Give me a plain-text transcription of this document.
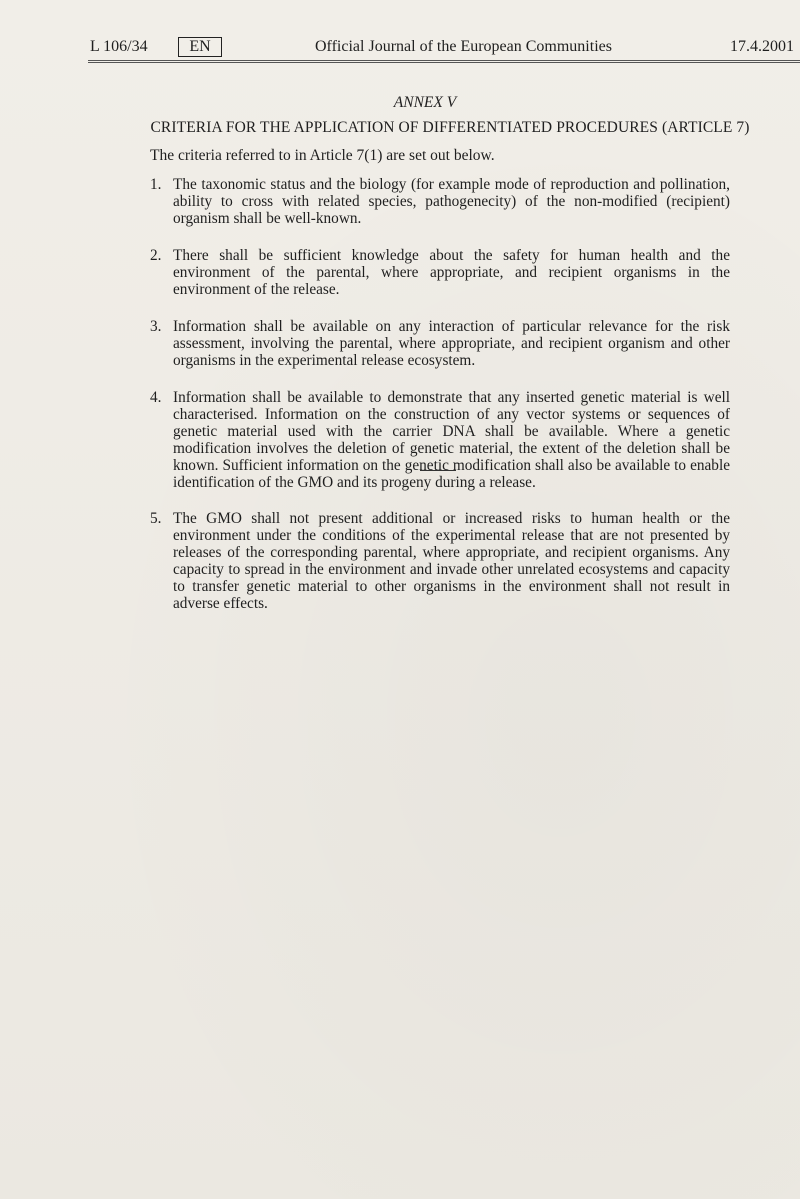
L 106/34	EN	Official Journal of the European Communities	17.4.2001
ANNEX V
CRITERIA FOR THE APPLICATION OF DIFFERENTIATED PROCEDURES (ARTICLE 7)
The criteria referred to in Article 7(1) are set out below.
1. The taxonomic status and the biology (for example mode of reproduction and pollination, ability to cross with related species, pathogenecity) of the non-modified (recipient) organism shall be well-known.
2. There shall be sufficient knowledge about the safety for human health and the environment of the parental, where appropriate, and recipient organisms in the environment of the release.
3. Information shall be available on any interaction of particular relevance for the risk assessment, involving the parental, where appropriate, and recipient organism and other organisms in the experimental release ecosystem.
4. Information shall be available to demonstrate that any inserted genetic material is well characterised. Information on the construction of any vector systems or sequences of genetic material used with the carrier DNA shall be available. Where a genetic modification involves the deletion of genetic material, the extent of the deletion shall be known. Sufficient information on the genetic modification shall also be available to enable identification of the GMO and its progeny during a release.
5. The GMO shall not present additional or increased risks to human health or the environment under the conditions of the experimental release that are not presented by releases of the corresponding parental, where appropriate, and recipient organisms. Any capacity to spread in the environment and invade other unrelated ecosystems and capacity to transfer genetic material to other organisms in the environment shall not result in adverse effects.
